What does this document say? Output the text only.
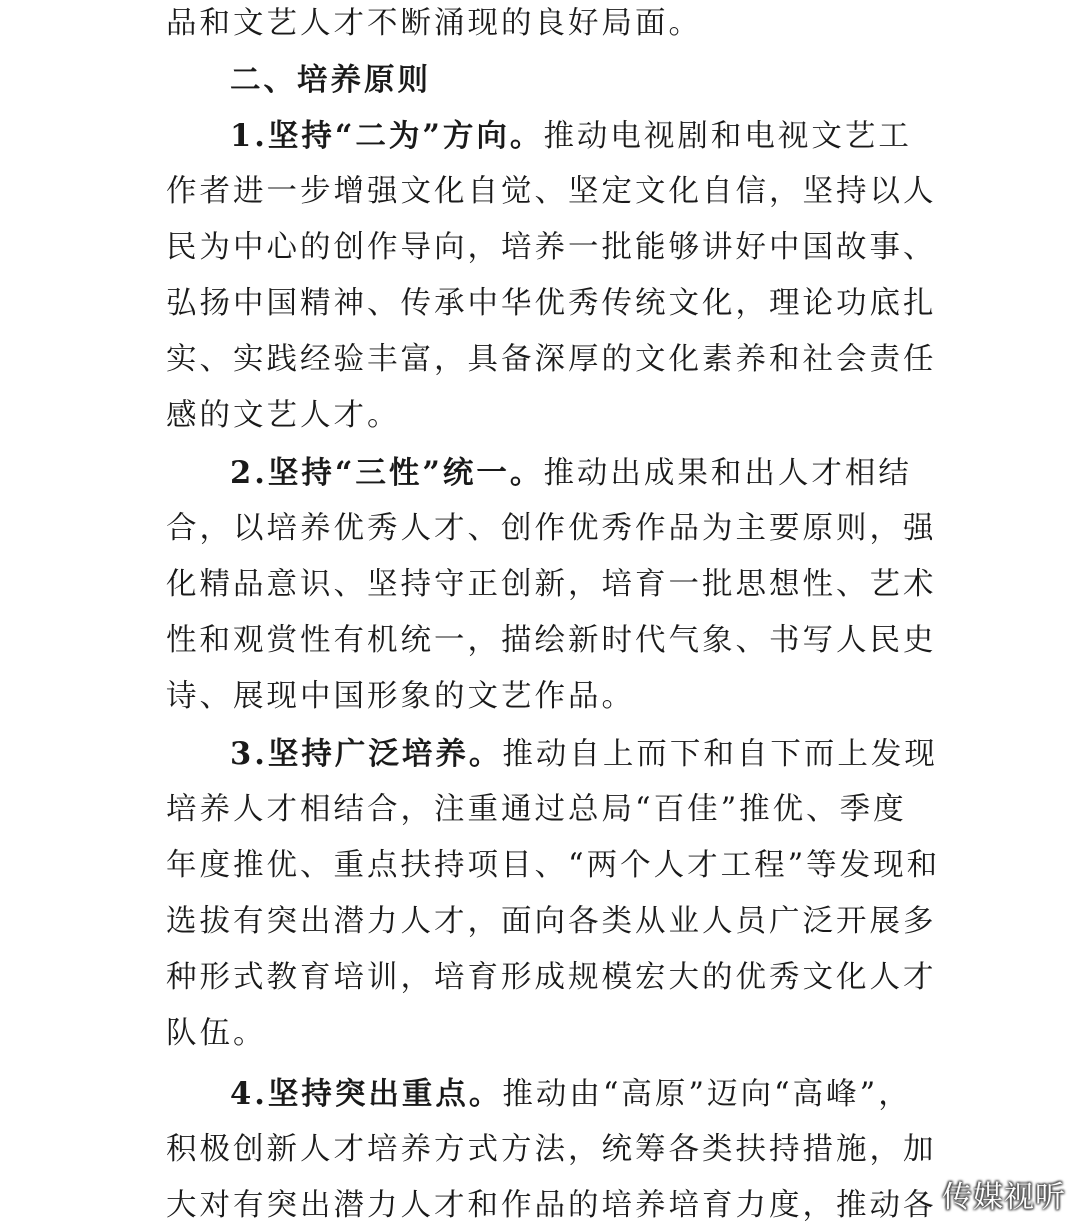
品和文艺人才不断涌现的良好局面。
二、培养原则
1.坚持“二为”方向。推动电视剧和电视文艺工
作者进一步增强文化自觉、坚定文化自信，坚持以人
民为中心的创作导向，培养一批能够讲好中国故事、
弘扬中国精神、传承中华优秀传统文化，理论功底扎
实、实践经验丰富，具备深厚的文化素养和社会责任
感的文艺人才。
2.坚持“三性”统一。推动出成果和出人才相结
合，以培养优秀人才、创作优秀作品为主要原则，强
化精品意识、坚持守正创新，培育一批思想性、艺术
性和观赏性有机统一，描绘新时代气象、书写人民史
诗、展现中国形象的文艺作品。
3.坚持广泛培养。推动自上而下和自下而上发现
培养人才相结合，注重通过总局“百佳”推优、季度
年度推优、重点扶持项目、“两个人才工程”等发现和
选拔有突出潜力人才，面向各类从业人员广泛开展多
种形式教育培训，培育形成规模宏大的优秀文化人才
队伍。
4.坚持突出重点。推动由“高原”迈向“高峰”，
积极创新人才培养方式方法，统筹各类扶持措施，加
大对有突出潜力人才和作品的培养培育力度，推动各 传媒视听
